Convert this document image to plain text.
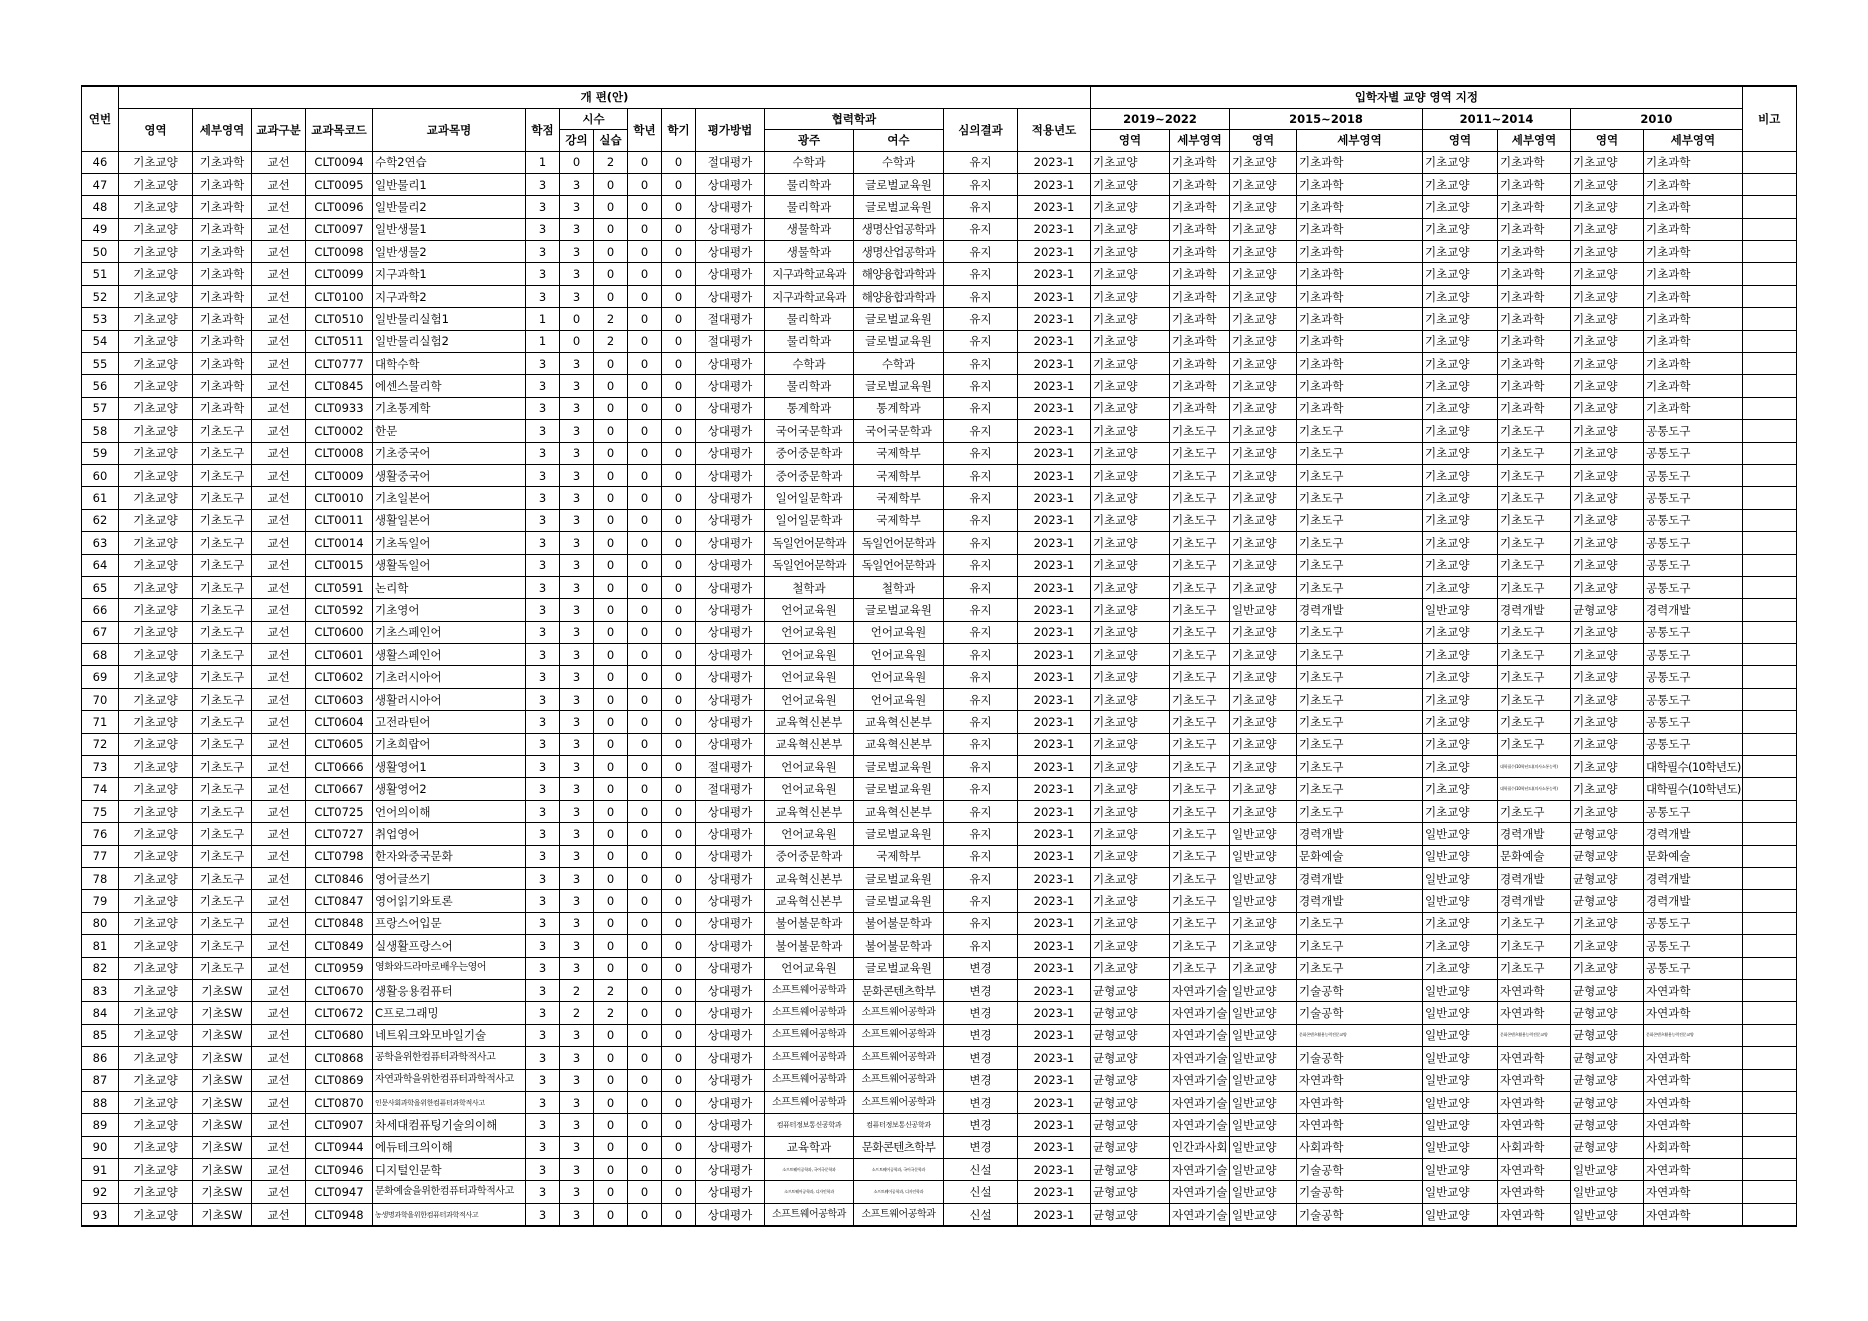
연번	개 편(안)															입학자별 교양 영역 지정								비고
	영역	세부영역	교과구분	교과목코드	교과목명	학점	시수		학년	학기	평가방법	협력학과		심의결과	적용년도	2019~2022		2015~2018		2011~2014		2010		
							강의	실습				광주	여수			영역	세부영역	영역	세부영역	영역	세부영역	영역	세부영역	
46	기초교양	기초과학	교선	CLT0094	수학2연습	1	0	2	0	0	절대평가	수학과	수학과	유지	2023-1	기초교양	기초과학	기초교양	기초과학	기초교양	기초과학	기초교양	기초과학	
47	기초교양	기초과학	교선	CLT0095	일반물리1	3	3	0	0	0	상대평가	물리학과	글로벌교육원	유지	2023-1	기초교양	기초과학	기초교양	기초과학	기초교양	기초과학	기초교양	기초과학	
48	기초교양	기초과학	교선	CLT0096	일반물리2	3	3	0	0	0	상대평가	물리학과	글로벌교육원	유지	2023-1	기초교양	기초과학	기초교양	기초과학	기초교양	기초과학	기초교양	기초과학	
49	기초교양	기초과학	교선	CLT0097	일반생물1	3	3	0	0	0	상대평가	생물학과	생명산업공학과	유지	2023-1	기초교양	기초과학	기초교양	기초과학	기초교양	기초과학	기초교양	기초과학	
50	기초교양	기초과학	교선	CLT0098	일반생물2	3	3	0	0	0	상대평가	생물학과	생명산업공학과	유지	2023-1	기초교양	기초과학	기초교양	기초과학	기초교양	기초과학	기초교양	기초과학	
51	기초교양	기초과학	교선	CLT0099	지구과학1	3	3	0	0	0	상대평가	지구과학교육과	해양융합과학과	유지	2023-1	기초교양	기초과학	기초교양	기초과학	기초교양	기초과학	기초교양	기초과학	
52	기초교양	기초과학	교선	CLT0100	지구과학2	3	3	0	0	0	상대평가	지구과학교육과	해양융합과학과	유지	2023-1	기초교양	기초과학	기초교양	기초과학	기초교양	기초과학	기초교양	기초과학	
53	기초교양	기초과학	교선	CLT0510	일반물리실험1	1	0	2	0	0	절대평가	물리학과	글로벌교육원	유지	2023-1	기초교양	기초과학	기초교양	기초과학	기초교양	기초과학	기초교양	기초과학	
54	기초교양	기초과학	교선	CLT0511	일반물리실험2	1	0	2	0	0	절대평가	물리학과	글로벌교육원	유지	2023-1	기초교양	기초과학	기초교양	기초과학	기초교양	기초과학	기초교양	기초과학	
55	기초교양	기초과학	교선	CLT0777	대학수학	3	3	0	0	0	상대평가	수학과	수학과	유지	2023-1	기초교양	기초과학	기초교양	기초과학	기초교양	기초과학	기초교양	기초과학	
56	기초교양	기초과학	교선	CLT0845	에센스물리학	3	3	0	0	0	상대평가	물리학과	글로벌교육원	유지	2023-1	기초교양	기초과학	기초교양	기초과학	기초교양	기초과학	기초교양	기초과학	
57	기초교양	기초과학	교선	CLT0933	기초통계학	3	3	0	0	0	상대평가	통계학과	통계학과	유지	2023-1	기초교양	기초과학	기초교양	기초과학	기초교양	기초과학	기초교양	기초과학	
58	기초교양	기초도구	교선	CLT0002	한문	3	3	0	0	0	상대평가	국어국문학과	국어국문학과	유지	2023-1	기초교양	기초도구	기초교양	기초도구	기초교양	기초도구	기초교양	공통도구	
59	기초교양	기초도구	교선	CLT0008	기초중국어	3	3	0	0	0	상대평가	중어중문학과	국제학부	유지	2023-1	기초교양	기초도구	기초교양	기초도구	기초교양	기초도구	기초교양	공통도구	
60	기초교양	기초도구	교선	CLT0009	생활중국어	3	3	0	0	0	상대평가	중어중문학과	국제학부	유지	2023-1	기초교양	기초도구	기초교양	기초도구	기초교양	기초도구	기초교양	공통도구	
61	기초교양	기초도구	교선	CLT0010	기초일본어	3	3	0	0	0	상대평가	일어일문학과	국제학부	유지	2023-1	기초교양	기초도구	기초교양	기초도구	기초교양	기초도구	기초교양	공통도구	
62	기초교양	기초도구	교선	CLT0011	생활일본어	3	3	0	0	0	상대평가	일어일문학과	국제학부	유지	2023-1	기초교양	기초도구	기초교양	기초도구	기초교양	기초도구	기초교양	공통도구	
63	기초교양	기초도구	교선	CLT0014	기초독일어	3	3	0	0	0	상대평가	독일언어문학과	독일언어문학과	유지	2023-1	기초교양	기초도구	기초교양	기초도구	기초교양	기초도구	기초교양	공통도구	
64	기초교양	기초도구	교선	CLT0015	생활독일어	3	3	0	0	0	상대평가	독일언어문학과	독일언어문학과	유지	2023-1	기초교양	기초도구	기초교양	기초도구	기초교양	기초도구	기초교양	공통도구	
65	기초교양	기초도구	교선	CLT0591	논리학	3	3	0	0	0	상대평가	철학과	철학과	유지	2023-1	기초교양	기초도구	기초교양	기초도구	기초교양	기초도구	기초교양	공통도구	
66	기초교양	기초도구	교선	CLT0592	기초영어	3	3	0	0	0	상대평가	언어교육원	글로벌교육원	유지	2023-1	기초교양	기초도구	일반교양	경력개발	일반교양	경력개발	균형교양	경력개발	
67	기초교양	기초도구	교선	CLT0600	기초스페인어	3	3	0	0	0	상대평가	언어교육원	언어교육원	유지	2023-1	기초교양	기초도구	기초교양	기초도구	기초교양	기초도구	기초교양	공통도구	
68	기초교양	기초도구	교선	CLT0601	생활스페인어	3	3	0	0	0	상대평가	언어교육원	언어교육원	유지	2023-1	기초교양	기초도구	기초교양	기초도구	기초교양	기초도구	기초교양	공통도구	
69	기초교양	기초도구	교선	CLT0602	기초러시아어	3	3	0	0	0	상대평가	언어교육원	언어교육원	유지	2023-1	기초교양	기초도구	기초교양	기초도구	기초교양	기초도구	기초교양	공통도구	
70	기초교양	기초도구	교선	CLT0603	생활러시아어	3	3	0	0	0	상대평가	언어교육원	언어교육원	유지	2023-1	기초교양	기초도구	기초교양	기초도구	기초교양	기초도구	기초교양	공통도구	
71	기초교양	기초도구	교선	CLT0604	고전라틴어	3	3	0	0	0	상대평가	교육혁신본부	교육혁신본부	유지	2023-1	기초교양	기초도구	기초교양	기초도구	기초교양	기초도구	기초교양	공통도구	
72	기초교양	기초도구	교선	CLT0605	기초희랍어	3	3	0	0	0	상대평가	교육혁신본부	교육혁신본부	유지	2023-1	기초교양	기초도구	기초교양	기초도구	기초교양	기초도구	기초교양	공통도구	
73	기초교양	기초도구	교선	CLT0666	생활영어1	3	3	0	0	0	절대평가	언어교육원	글로벌교육원	유지	2023-1	기초교양	기초도구	기초교양	기초도구	기초교양	대학필수(10학년도)(의사소통능력)	기초교양	대학필수(10학년도)	
74	기초교양	기초도구	교선	CLT0667	생활영어2	3	3	0	0	0	절대평가	언어교육원	글로벌교육원	유지	2023-1	기초교양	기초도구	기초교양	기초도구	기초교양	대학필수(10학년도)(의사소통능력)	기초교양	대학필수(10학년도)	
75	기초교양	기초도구	교선	CLT0725	언어의이해	3	3	0	0	0	상대평가	교육혁신본부	교육혁신본부	유지	2023-1	기초교양	기초도구	기초교양	기초도구	기초교양	기초도구	기초교양	공통도구	
76	기초교양	기초도구	교선	CLT0727	취업영어	3	3	0	0	0	상대평가	언어교육원	글로벌교육원	유지	2023-1	기초교양	기초도구	일반교양	경력개발	일반교양	경력개발	균형교양	경력개발	
77	기초교양	기초도구	교선	CLT0798	한자와중국문화	3	3	0	0	0	상대평가	중어중문학과	국제학부	유지	2023-1	기초교양	기초도구	일반교양	문화예술	일반교양	문화예술	균형교양	문화예술	
78	기초교양	기초도구	교선	CLT0846	영어글쓰기	3	3	0	0	0	상대평가	교육혁신본부	글로벌교육원	유지	2023-1	기초교양	기초도구	일반교양	경력개발	일반교양	경력개발	균형교양	경력개발	
79	기초교양	기초도구	교선	CLT0847	영어읽기와토론	3	3	0	0	0	상대평가	교육혁신본부	글로벌교육원	유지	2023-1	기초교양	기초도구	일반교양	경력개발	일반교양	경력개발	균형교양	경력개발	
80	기초교양	기초도구	교선	CLT0848	프랑스어입문	3	3	0	0	0	상대평가	불어불문학과	불어불문학과	유지	2023-1	기초교양	기초도구	기초교양	기초도구	기초교양	기초도구	기초교양	공통도구	
81	기초교양	기초도구	교선	CLT0849	실생활프랑스어	3	3	0	0	0	상대평가	불어불문학과	불어불문학과	유지	2023-1	기초교양	기초도구	기초교양	기초도구	기초교양	기초도구	기초교양	공통도구	
82	기초교양	기초도구	교선	CLT0959	영화와드라마로배우는영어	3	3	0	0	0	상대평가	언어교육원	글로벌교육원	변경	2023-1	기초교양	기초도구	기초교양	기초도구	기초교양	기초도구	기초교양	공통도구	
83	기초교양	기초SW	교선	CLT0670	생활응용컴퓨터	3	2	2	0	0	상대평가	소프트웨어공학과	문화콘텐츠학부	변경	2023-1	균형교양	자연과기술	일반교양	기술공학	일반교양	자연과학	균형교양	자연과학	
84	기초교양	기초SW	교선	CLT0672	C프로그래밍	3	2	2	0	0	상대평가	소프트웨어공학과	소프트웨어공학과	변경	2023-1	균형교양	자연과기술	일반교양	기술공학	일반교양	자연과학	균형교양	자연과학	
85	기초교양	기초SW	교선	CLT0680	네트워크와모바일기술	3	3	0	0	0	상대평가	소프트웨어공학과	소프트웨어공학과	변경	2023-1	균형교양	자연과기술	일반교양	문화콘텐츠활용능력전문교양	일반교양	문화콘텐츠활용능력전문교양	균형교양	문화콘텐츠활용능력전문교양	
86	기초교양	기초SW	교선	CLT0868	공학을위한컴퓨터과학적사고	3	3	0	0	0	상대평가	소프트웨어공학과	소프트웨어공학과	변경	2023-1	균형교양	자연과기술	일반교양	기술공학	일반교양	자연과학	균형교양	자연과학	
87	기초교양	기초SW	교선	CLT0869	자연과학을위한컴퓨터과학적사고	3	3	0	0	0	상대평가	소프트웨어공학과	소프트웨어공학과	변경	2023-1	균형교양	자연과기술	일반교양	자연과학	일반교양	자연과학	균형교양	자연과학	
88	기초교양	기초SW	교선	CLT0870	인문사회과학을위한컴퓨터과학적사고	3	3	0	0	0	상대평가	소프트웨어공학과	소프트웨어공학과	변경	2023-1	균형교양	자연과기술	일반교양	자연과학	일반교양	자연과학	균형교양	자연과학	
89	기초교양	기초SW	교선	CLT0907	차세대컴퓨팅기술의이해	3	3	0	0	0	상대평가	컴퓨터정보통신공학과	컴퓨터정보통신공학과	변경	2023-1	균형교양	자연과기술	일반교양	자연과학	일반교양	자연과학	균형교양	자연과학	
90	기초교양	기초SW	교선	CLT0944	에듀테크의이해	3	3	0	0	0	상대평가	교육학과	문화콘텐츠학부	변경	2023-1	균형교양	인간과사회	일반교양	사회과학	일반교양	사회과학	균형교양	사회과학	
91	기초교양	기초SW	교선	CLT0946	디지털인문학	3	3	0	0	0	상대평가	소프트웨어공학과, 국어국문학과	소프트웨어공학과, 국어국문학과	신설	2023-1	균형교양	자연과기술	일반교양	기술공학	일반교양	자연과학	일반교양	자연과학	
92	기초교양	기초SW	교선	CLT0947	문화예술을위한컴퓨터과학적사고	3	3	0	0	0	상대평가	소프트웨어공학과, 디자인학과	소프트웨어공학과, 디자인학과	신설	2023-1	균형교양	자연과기술	일반교양	기술공학	일반교양	자연과학	일반교양	자연과학	
93	기초교양	기초SW	교선	CLT0948	농생명과학을위한컴퓨터과학적사고	3	3	0	0	0	상대평가	소프트웨어공학과	소프트웨어공학과	신설	2023-1	균형교양	자연과기술	일반교양	기술공학	일반교양	자연과학	일반교양	자연과학	
